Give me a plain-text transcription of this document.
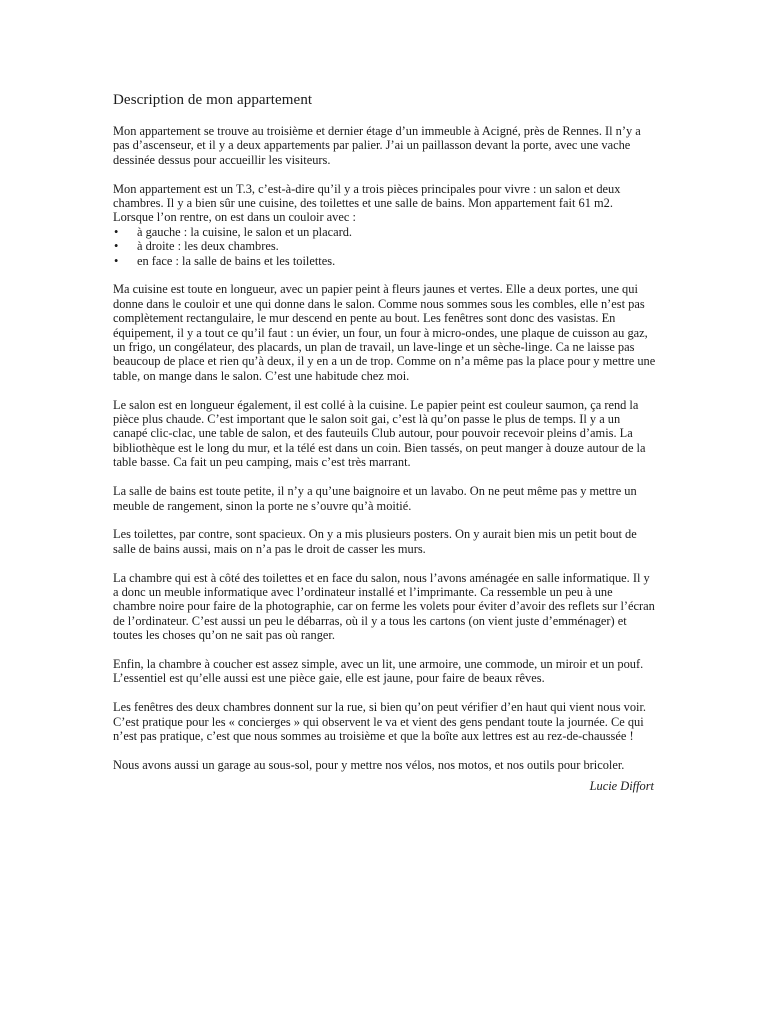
Description de mon appartement

Mon appartement se trouve au troisième et dernier étage d’un immeuble à Acigné, près de Rennes. Il n’y a pas d’ascenseur, et il y a deux appartements par palier. J’ai un paillasson devant la porte, avec une vache dessinée dessus pour accueillir les visiteurs.

Mon appartement est un T.3, c’est-à-dire qu’il y a trois pièces principales pour vivre : un salon et deux chambres. Il y a bien sûr une cuisine, des toilettes et une salle de bains. Mon appartement fait 61 m2. Lorsque l’on rentre, on est dans un couloir avec :

• à gauche : la cuisine, le salon et un placard.
• à droite : les deux chambres.
• en face : la salle de bains et les toilettes.

Ma cuisine est toute en longueur, avec un papier peint à fleurs jaunes et vertes. Elle a deux portes, une qui donne dans le couloir et une qui donne dans le salon. Comme nous sommes sous les combles, elle n’est pas complètement rectangulaire, le mur descend en pente au bout. Les fenêtres sont donc des vasistas. En équipement, il y a tout ce qu’il faut : un évier, un four, un four à micro-ondes, une plaque de cuisson au gaz, un frigo, un congélateur, des placards, un plan de travail, un lave-linge et un sèche-linge. Ca ne laisse pas beaucoup de place et rien qu’à deux, il y en a un de trop. Comme on n’a même pas la place pour y mettre une table, on mange dans le salon. C’est une habitude chez moi.

Le salon est en longueur également, il est collé à la cuisine. Le papier peint est couleur saumon, ça rend la pièce plus chaude. C’est important que le salon soit gai, c’est là qu’on passe le plus de temps. Il y a un canapé clic-clac, une table de salon, et des fauteuils Club autour, pour pouvoir recevoir pleins d’amis. La bibliothèque est le long du mur, et la télé est dans un coin. Bien tassés, on peut manger à douze autour de la table basse. Ca fait un peu camping, mais c’est très marrant.

La salle de bains est toute petite, il n’y a qu’une baignoire et un lavabo. On ne peut même pas y mettre un meuble de rangement, sinon la porte ne s’ouvre qu’à moitié.

Les toilettes, par contre, sont spacieux. On y a mis plusieurs posters. On y aurait bien mis un petit bout de salle de bains aussi, mais on n’a pas le droit de casser les murs.

La chambre qui est à côté des toilettes et en face du salon, nous l’avons aménagée en salle informatique. Il y a donc un meuble informatique avec l’ordinateur installé et l’imprimante. Ca ressemble un peu à une chambre noire pour faire de la photographie, car on ferme les volets pour éviter d’avoir des reflets sur l’écran de l’ordinateur. C’est aussi un peu le débarras, où il y a tous les cartons (on vient juste d’emménager) et toutes les choses qu’on ne sait pas où ranger.

Enfin, la chambre à coucher est assez simple, avec un lit, une armoire, une commode, un miroir et un pouf. L’essentiel est qu’elle aussi est une pièce gaie, elle est jaune, pour faire de beaux rêves.

Les fenêtres des deux chambres donnent sur la rue, si bien qu’on peut vérifier d’en haut qui vient nous voir. C’est pratique pour les « concierges » qui observent le va et vient des gens pendant toute la journée. Ce qui n’est pas pratique, c’est que nous sommes au troisième et que la boîte aux lettres est au rez-de-chaussée !

Nous avons aussi un garage au sous-sol, pour y mettre nos vélos, nos motos, et nos outils pour bricoler.

Lucie Diffort
